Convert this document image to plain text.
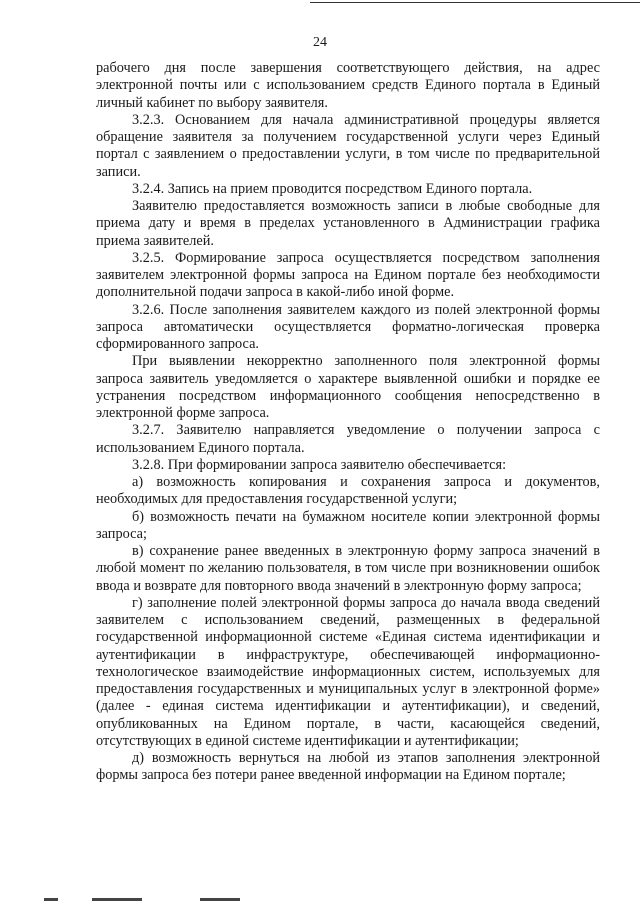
24

рабочего дня после завершения соответствующего действия, на адрес электронной почты или с использованием средств Единого портала в Единый личный кабинет по выбору заявителя.

3.2.3. Основанием для начала административной процедуры является обращение заявителя за получением государственной услуги через Единый портал с заявлением о предоставлении услуги, в том числе по предварительной записи.

3.2.4. Запись на прием проводится посредством Единого портала.

Заявителю предоставляется возможность записи в любые свободные для приема дату и время в пределах установленного в Администрации графика приема заявителей.

3.2.5. Формирование запроса осуществляется посредством заполнения заявителем электронной формы запроса на Едином портале без необходимости дополнительной подачи запроса в какой-либо иной форме.

3.2.6. После заполнения заявителем каждого из полей электронной формы запроса автоматически осуществляется форматно-логическая проверка сформированного запроса.

При выявлении некорректно заполненного поля электронной формы запроса заявитель уведомляется о характере выявленной ошибки и порядке ее устранения посредством информационного сообщения непосредственно в электронной форме запроса.

3.2.7. Заявителю направляется уведомление о получении запроса с использованием Единого портала.

3.2.8. При формировании запроса заявителю обеспечивается:

а) возможность копирования и сохранения запроса и документов, необходимых для предоставления государственной услуги;

б) возможность печати на бумажном носителе копии электронной формы запроса;

в) сохранение ранее введенных в электронную форму запроса значений в любой момент по желанию пользователя, в том числе при возникновении ошибок ввода и возврате для повторного ввода значений в электронную форму запроса;

г) заполнение полей электронной формы запроса до начала ввода сведений заявителем с использованием сведений, размещенных в федеральной государственной информационной системе «Единая система идентификации и аутентификации в инфраструктуре, обеспечивающей информационно-технологическое взаимодействие информационных систем, используемых для предоставления государственных и муниципальных услуг в электронной форме» (далее - единая система идентификации и аутентификации), и сведений, опубликованных на Едином портале, в части, касающейся сведений, отсутствующих в единой системе идентификации и аутентификации;

д) возможность вернуться на любой из этапов заполнения электронной формы запроса без потери ранее введенной информации на Едином портале;
